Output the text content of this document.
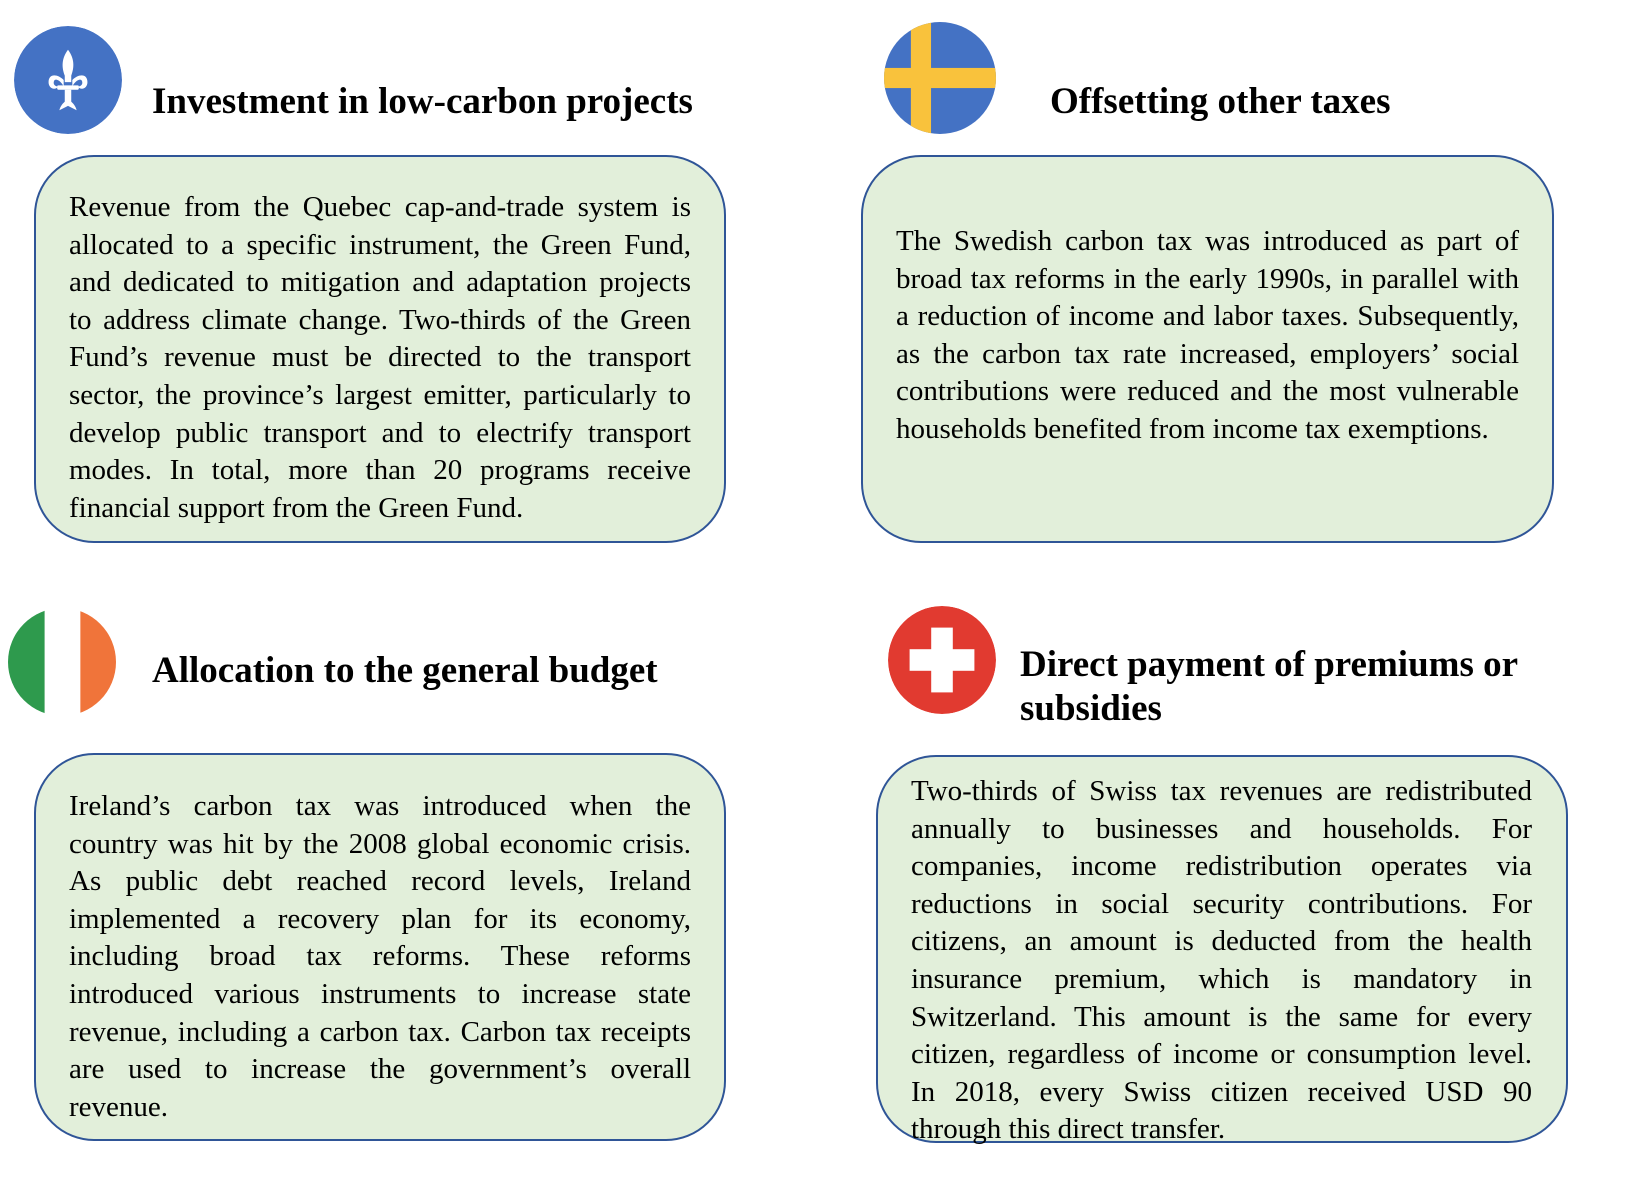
Investment in low-carbon projects

Revenue from the Quebec cap-and-trade system is allocated to a specific instrument, the Green Fund, and dedicated to mitigation and adaptation projects to address climate change. Two-thirds of the Green Fund’s revenue must be directed to the transport sector, the province’s largest emitter, particularly to develop public transport and to electrify transport modes. In total, more than 20 programs receive financial support from the Green Fund.

Offsetting other taxes

The Swedish carbon tax was introduced as part of broad tax reforms in the early 1990s, in parallel with a reduction of income and labor taxes. Subsequently, as the carbon tax rate increased, employers’ social contributions were reduced and the most vulnerable households benefited from income tax exemptions.

Allocation to the general budget

Ireland’s carbon tax was introduced when the country was hit by the 2008 global economic crisis. As public debt reached record levels, Ireland implemented a recovery plan for its economy, including broad tax reforms. These reforms introduced various instruments to increase state revenue, including a carbon tax. Carbon tax receipts are used to increase the government’s overall revenue.

Direct payment of premiums or subsidies

Two-thirds of Swiss tax revenues are redistributed annually to businesses and households. For companies, income redistribution operates via reductions in social security contributions. For citizens, an amount is deducted from the health insurance premium, which is mandatory in Switzerland. This amount is the same for every citizen, regardless of income or consumption level. In 2018, every Swiss citizen received USD 90 through this direct transfer.
